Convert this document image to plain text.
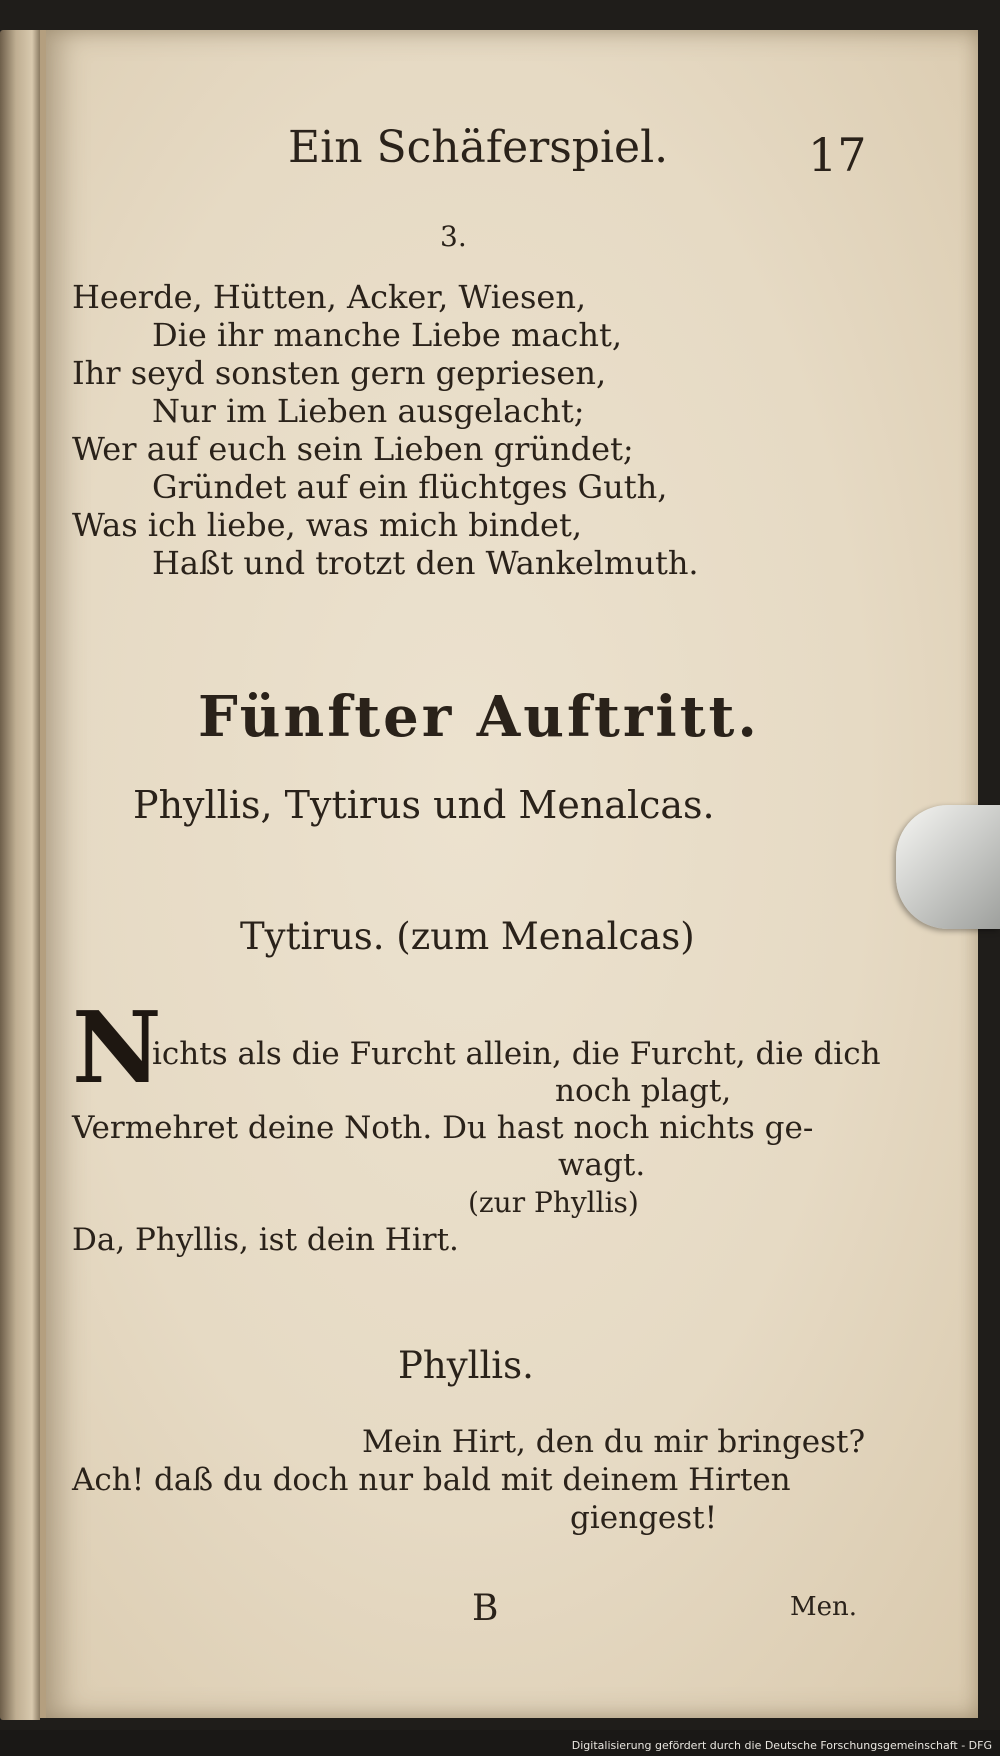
Ein Schäferspiel.	17
3.
Heerde, Hütten, Acker, Wiesen,
Die ihr manche Liebe macht,
Ihr seyd sonsten gern gepriesen,
Nur im Lieben ausgelacht;
Wer auf euch sein Lieben gründet;
Gründet auf ein flüchtges Guth,
Was ich liebe, was mich bindet,
Haßt und trotzt den Wankelmuth.
Fünfter Auftritt.
Phyllis, Tytirus und Menalcas.
Tytirus. (zum Menalcas)
N
ichts als die Furcht allein, die Furcht, die dich
noch plagt,
Vermehret deine Noth. Du hast noch nichts ge-
wagt.
(zur Phyllis)
Da, Phyllis, ist dein Hirt.
Phyllis.
Mein Hirt, den du mir bringest?
Ach! daß du doch nur bald mit deinem Hirten
giengest!
B	Men.
Digitalisierung gefördert durch die Deutsche Forschungsgemeinschaft - DFG
